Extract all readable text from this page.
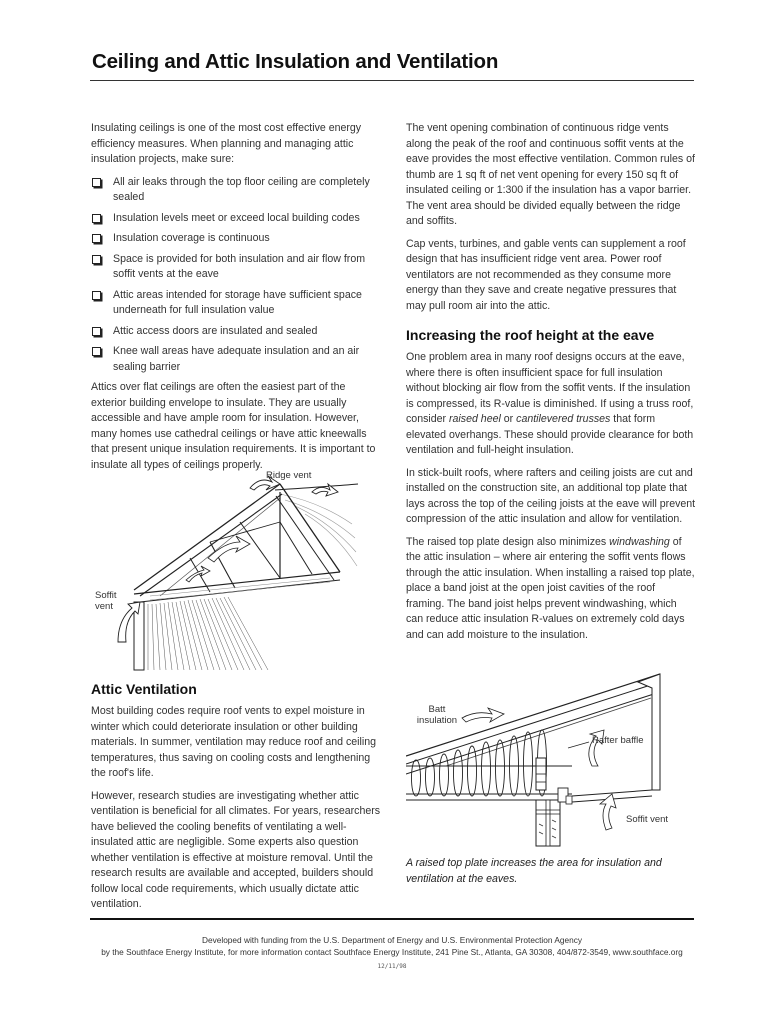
Ceiling and Attic Insulation and Ventilation

Insulating ceilings is one of the most cost effective energy efficiency measures. When planning and managing attic insulation projects, make sure:

All air leaks through the top floor ceiling are completely sealed
Insulation levels meet or exceed local building codes
Insulation coverage is continuous
Space is provided for both insulation and air flow from soffit vents at the eave
Attic areas intended for storage have sufficient space underneath for full insulation value
Attic access doors are insulated and sealed
Knee wall areas have adequate insulation and an air sealing barrier

Attics over flat ceilings are often the easiest part of the exterior building envelope to insulate. They are usually accessible and have ample room for insulation. However, many homes use cathedral ceilings or have attic kneewalls that present unique insulation requirements. It is important to insulate all types of ceilings properly.

Ridge vent
Soffit
vent
Attic Ventilation

Most building codes require roof vents to expel moisture in winter which could deteriorate insulation or other building materials. In summer, ventilation may reduce roof and ceiling temperatures, thus saving on cooling costs and lengthening the roof's life.

However, research studies are investigating whether attic ventilation is beneficial for all climates. For years, researchers have believed the cooling benefits of ventilating a well-insulated attic are negligible. Some experts also question whether ventilation is effective at moisture removal. Until the research results are available and accepted, builders should follow local code requirements, which usually dictate attic ventilation.

The vent opening combination of continuous ridge vents along the peak of the roof and continuous soffit vents at the eave provides the most effective ventilation. Common rules of thumb are 1 sq ft of net vent opening for every 150 sq ft of insulated ceiling or 1:300 if the insulation has a vapor barrier. The vent area should be divided equally between the ridge and soffits.

Cap vents, turbines, and gable vents can supplement a roof design that has insufficient ridge vent area. Power roof ventilators are not recommended as they consume more energy than they save and create negative pressures that may pull room air into the attic.

Increasing the roof height at the eave

One problem area in many roof designs occurs at the eave, where there is often insufficient space for full insulation without blocking air flow from the soffit vents. If the insulation is compressed, its R-value is diminished. If using a truss roof, consider raised heel or cantilevered trusses that form elevated overhangs. These should provide clearance for both ventilation and full-height insulation.

In stick-built roofs, where rafters and ceiling joists are cut and installed on the construction site, an additional top plate that lays across the top of the ceiling joists at the eave will prevent compression of the attic insulation and allow for ventilation.

The raised top plate design also minimizes windwashing of the attic insulation – where air entering the soffit vents flows through the attic insulation. When installing a raised top plate, place a band joist at the open joist cavities of the roof framing. The band joist helps prevent windwashing, which can reduce attic insulation R-values on extremely cold days and can add moisture to the insulation.

Batt
insulation
Rafter baffle
Soffit vent
A raised top plate increases the area for insulation and ventilation at the eaves.
Developed with funding from the U.S. Department of Energy and U.S. Environmental Protection Agency
by the Southface Energy Institute, for more information contact Southface Energy Institute, 241 Pine St., Atlanta, GA 30308, 404/872-3549, www.southface.org
12/11/98
